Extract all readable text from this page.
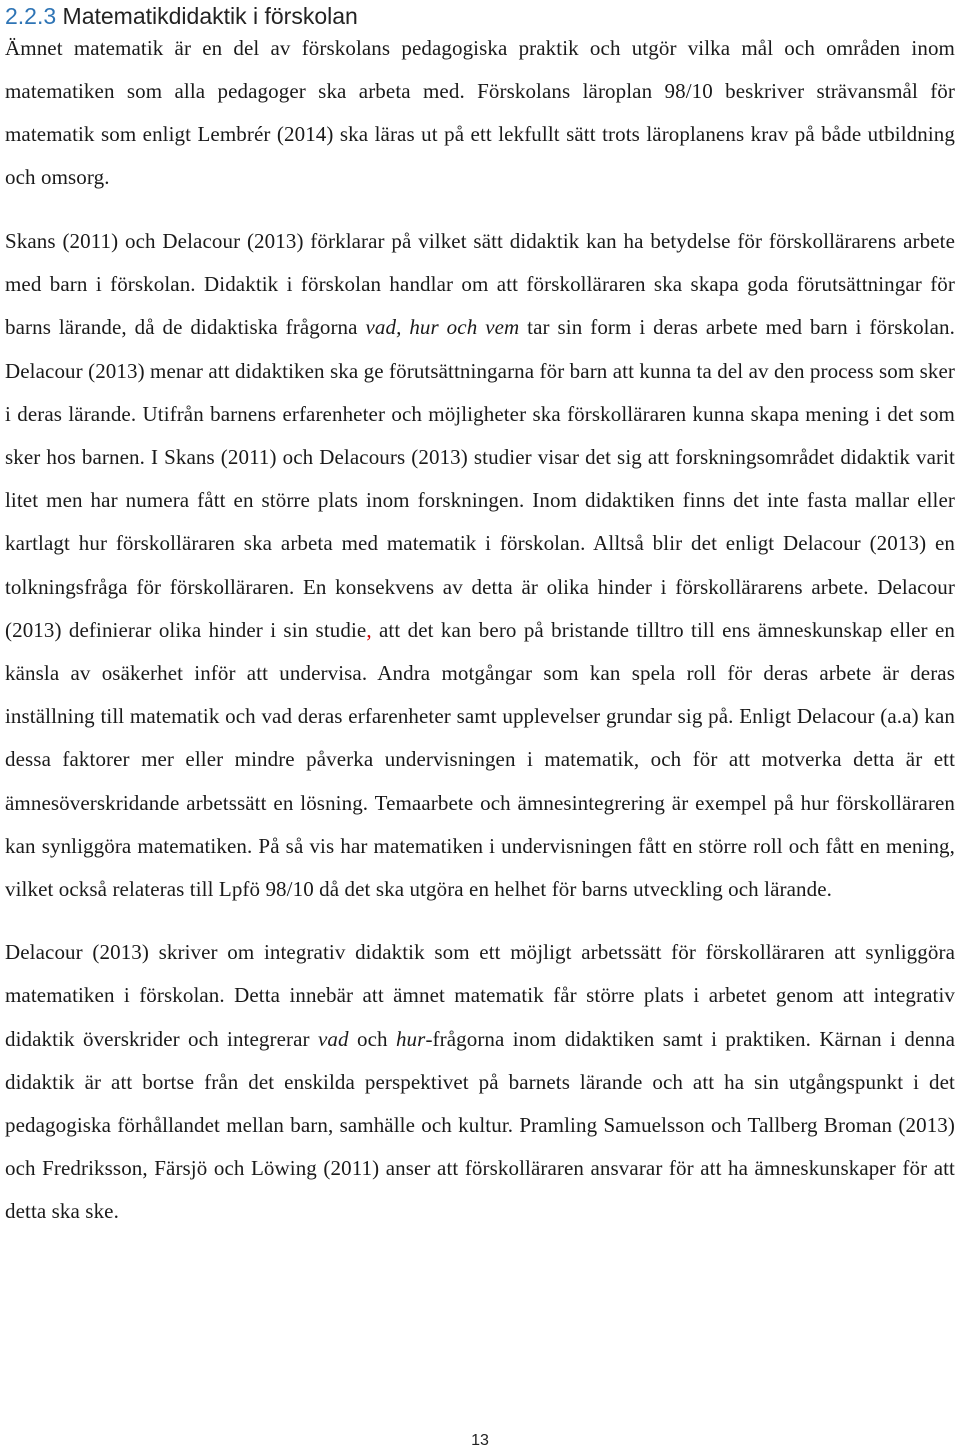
2.2.3 Matematikdidaktik i förskolan

Ämnet matematik är en del av förskolans pedagogiska praktik och utgör vilka mål och områden inom matematiken som alla pedagoger ska arbeta med. Förskolans läroplan 98/10 beskriver strävansmål för matematik som enligt Lembrér (2014) ska läras ut på ett lekfullt sätt trots läroplanens krav på både utbildning och omsorg.

Skans (2011) och Delacour (2013) förklarar på vilket sätt didaktik kan ha betydelse för förskollärarens arbete med barn i förskolan. Didaktik i förskolan handlar om att förskolläraren ska skapa goda förutsättningar för barns lärande, då de didaktiska frågorna vad, hur och vem tar sin form i deras arbete med barn i förskolan. Delacour (2013) menar att didaktiken ska ge förutsättningarna för barn att kunna ta del av den process som sker i deras lärande. Utifrån barnens erfarenheter och möjligheter ska förskolläraren kunna skapa mening i det som sker hos barnen. I Skans (2011) och Delacours (2013) studier visar det sig att forskningsområdet didaktik varit litet men har numera fått en större plats inom forskningen. Inom didaktiken finns det inte fasta mallar eller kartlagt hur förskolläraren ska arbeta med matematik i förskolan. Alltså blir det enligt Delacour (2013) en tolkningsfråga för förskolläraren. En konsekvens av detta är olika hinder i förskollärarens arbete. Delacour (2013) definierar olika hinder i sin studie, att det kan bero på bristande tilltro till ens ämneskunskap eller en känsla av osäkerhet inför att undervisa. Andra motgångar som kan spela roll för deras arbete är deras inställning till matematik och vad deras erfarenheter samt upplevelser grundar sig på. Enligt Delacour (a.a) kan dessa faktorer mer eller mindre påverka undervisningen i matematik, och för att motverka detta är ett ämnesöverskridande arbetssätt en lösning. Temaarbete och ämnesintegrering är exempel på hur förskolläraren kan synliggöra matematiken. På så vis har matematiken i undervisningen fått en större roll och fått en mening, vilket också relateras till Lpfö 98/10 då det ska utgöra en helhet för barns utveckling och lärande.

Delacour (2013) skriver om integrativ didaktik som ett möjligt arbetssätt för förskolläraren att synliggöra matematiken i förskolan. Detta innebär att ämnet matematik får större plats i arbetet genom att integrativ didaktik överskrider och integrerar vad och hur-frågorna inom didaktiken samt i praktiken. Kärnan i denna didaktik är att bortse från det enskilda perspektivet på barnets lärande och att ha sin utgångspunkt i det pedagogiska förhållandet mellan barn, samhälle och kultur. Pramling Samuelsson och Tallberg Broman (2013) och Fredriksson, Färsjö och Löwing (2011) anser att förskolläraren ansvarar för att ha ämneskunskaper för att detta ska ske.

13
